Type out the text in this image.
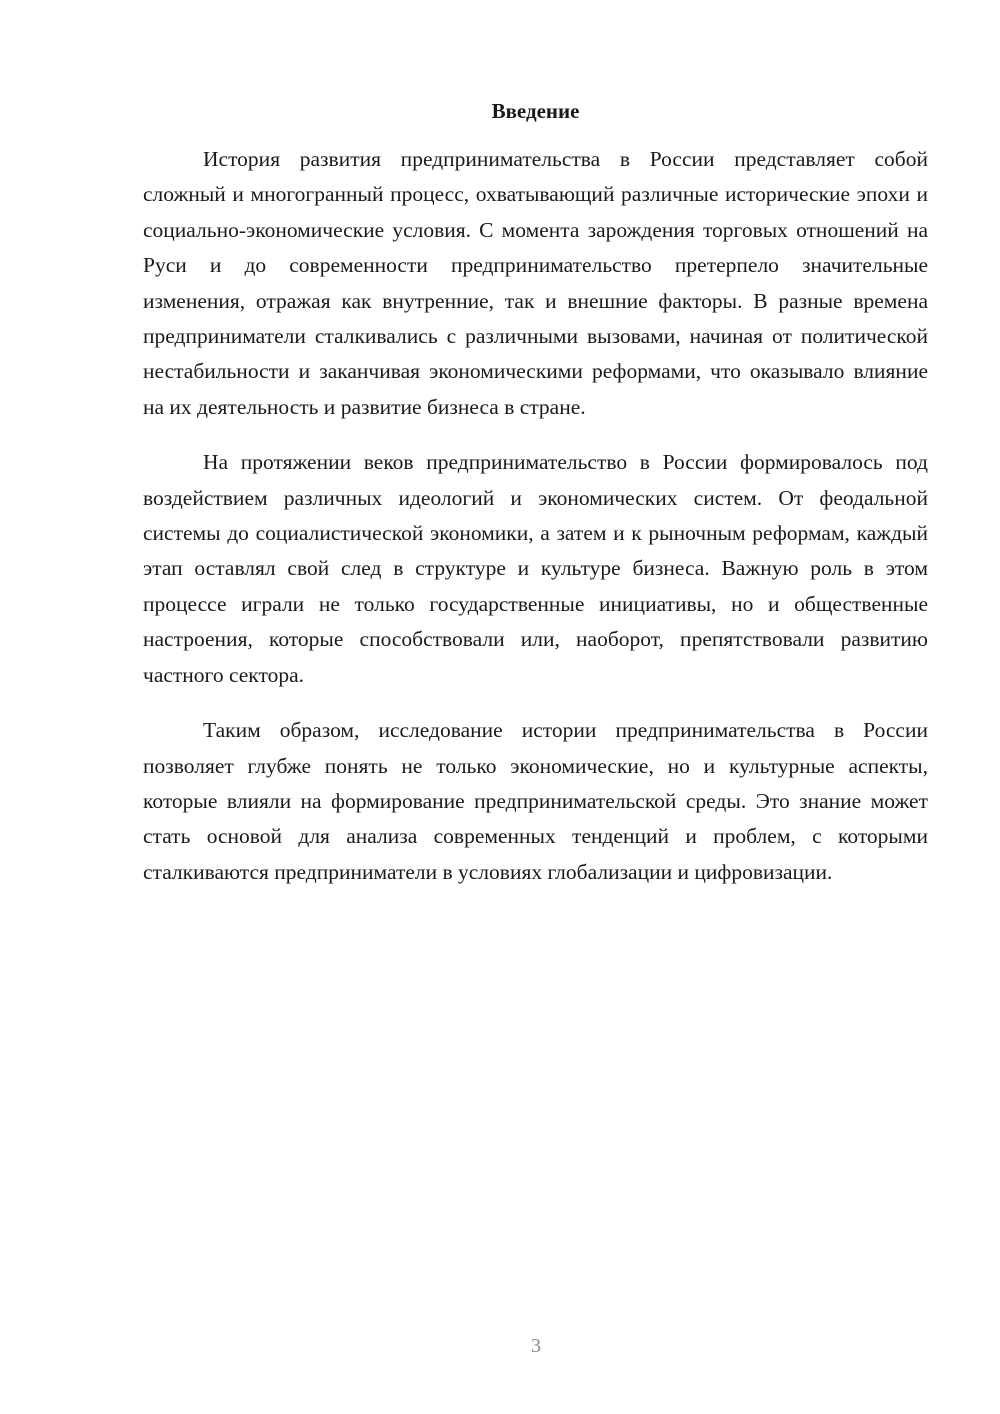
Введение

История развития предпринимательства в России представляет собой сложный и многогранный процесс, охватывающий различные исторические эпохи и социально-экономические условия. С момента зарождения торговых отношений на Руси и до современности предпринимательство претерпело значительные изменения, отражая как внутренние, так и внешние факторы. В разные времена предприниматели сталкивались с различными вызовами, начиная от политической нестабильности и заканчивая экономическими реформами, что оказывало влияние на их деятельность и развитие бизнеса в стране.

На протяжении веков предпринимательство в России формировалось под воздействием различных идеологий и экономических систем. От феодальной системы до социалистической экономики, а затем и к рыночным реформам, каждый этап оставлял свой след в структуре и культуре бизнеса. Важную роль в этом процессе играли не только государственные инициативы, но и общественные настроения, которые способствовали или, наоборот, препятствовали развитию частного сектора.

Таким образом, исследование истории предпринимательства в России позволяет глубже понять не только экономические, но и культурные аспекты, которые влияли на формирование предпринимательской среды. Это знание может стать основой для анализа современных тенденций и проблем, с которыми сталкиваются предприниматели в условиях глобализации и цифровизации.

3
